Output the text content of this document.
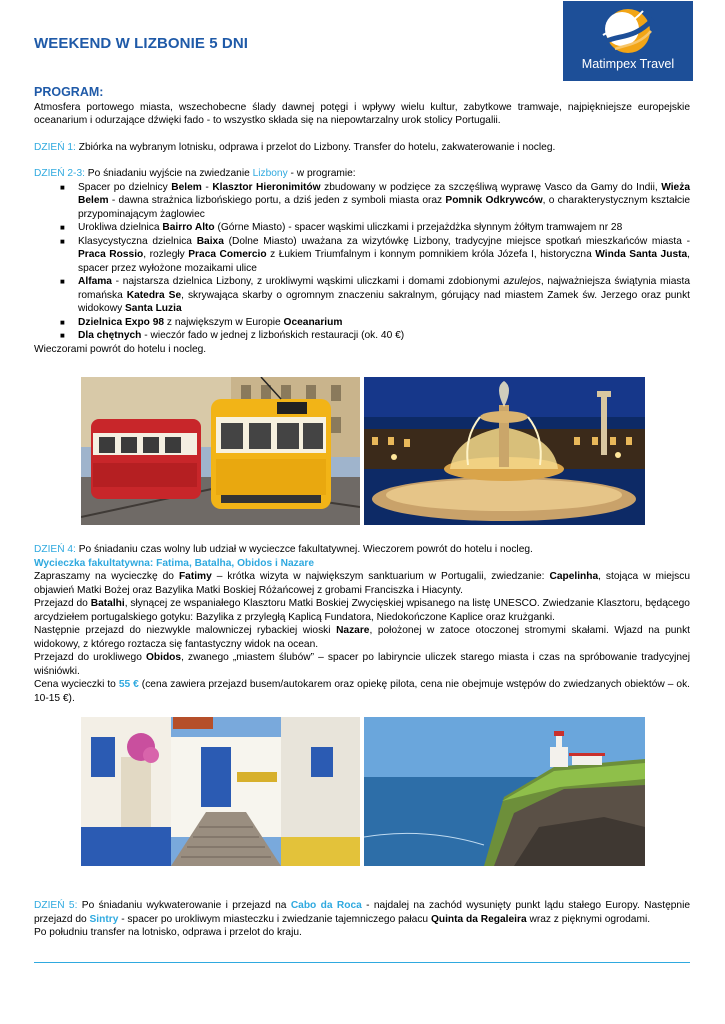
WEEKEND W LIZBONIE 5 DNI
Matimpex Travel
PROGRAM:

Atmosfera portowego miasta, wszechobecne ślady dawnej potęgi i wpływy wielu kultur, zabytkowe tramwaje, najpiękniejsze europejskie oceanarium i odurzające dźwięki fado - to wszystko składa się na niepowtarzalny urok stolicy Portugalii.

DZIEŃ 1: Zbiórka na wybranym lotnisku, odprawa i przelot do Lizbony. Transfer do hotelu, zakwaterowanie i nocleg.

DZIEŃ 2-3: Po śniadaniu wyjście na zwiedzanie Lizbony - w programie:

■ Spacer po dzielnicy Belem - Klasztor Hieronimitów zbudowany w podzięce za szczęśliwą wyprawę Vasco da Gamy do Indii, Wieża Belem - dawna strażnica lizbońskiego portu, a dziś jeden z symboli miasta oraz Pomnik Odkrywców, o charakterystycznym kształcie przypominającym żaglowiec
■ Urokliwa dzielnica Bairro Alto (Górne Miasto) - spacer wąskimi uliczkami i przejażdżka słynnym żółtym tramwajem nr 28
■ Klasycystyczna dzielnica Baixa (Dolne Miasto) uważana za wizytówkę Lizbony, tradycyjne miejsce spotkań mieszkańców miasta - Praca Rossio, rozległy Praca Comercio z Łukiem Triumfalnym i konnym pomnikiem króla Józefa I, historyczna Winda Santa Justa, spacer przez wyłożone mozaikami ulice
■ Alfama - najstarsza dzielnica Lizbony, z urokliwymi wąskimi uliczkami i domami zdobionymi azulejos, najważniejsza świątynia miasta romańska Katedra Se, skrywająca skarby o ogromnym znaczeniu sakralnym, górujący nad miastem Zamek św. Jerzego oraz punkt widokowy Santa Luzia
■ Dzielnica Expo 98 z największym w Europie Oceanarium
■ Dla chętnych - wieczór fado w jednej z lizbońskich restauracji (ok. 40 €)

Wieczorami powrót do hotelu i nocleg.

DZIEŃ 4: Po śniadaniu czas wolny lub udział w wycieczce fakultatywnej. Wieczorem powrót do hotelu i nocleg.

Wycieczka fakultatywna: Fatima, Batalha, Obidos i Nazare

Zapraszamy na wycieczkę do Fatimy – krótka wizyta w największym sanktuarium w Portugalii, zwiedzanie: Capelinha, stojąca w miejscu objawień Matki Bożej oraz Bazylika Matki Boskiej Różańcowej z grobami Franciszka i Hiacynty.

Przejazd do Batalhi, słynącej ze wspaniałego Klasztoru Matki Boskiej Zwycięskiej wpisanego na listę UNESCO. Zwiedzanie Klasztoru, będącego arcydziełem portugalskiego gotyku: Bazylika z przyległą Kaplicą Fundatora, Niedokończone Kaplice oraz krużganki.

Następnie przejazd do niezwykle malowniczej rybackiej wioski Nazare, położonej w zatoce otoczonej stromymi skałami. Wjazd na punkt widokowy, z którego roztacza się fantastyczny widok na ocean.

Przejazd do urokliwego Obidos, zwanego „miastem ślubów” – spacer po labiryncie uliczek starego miasta i czas na spróbowanie tradycyjnej wiśniówki.

Cena wycieczki to 55 € (cena zawiera przejazd busem/autokarem oraz opiekę pilota, cena nie obejmuje wstępów do zwiedzanych obiektów – ok. 10-15 €).

DZIEŃ 5: Po śniadaniu wykwaterowanie i przejazd na Cabo da Roca - najdalej na zachód wysunięty punkt lądu stałego Europy. Następnie przejazd do Sintry - spacer po urokliwym miasteczku i zwiedzanie tajemniczego pałacu Quinta da Regaleira wraz z pięknymi ogrodami.

Po południu transfer na lotnisko, odprawa i przelot do kraju.
